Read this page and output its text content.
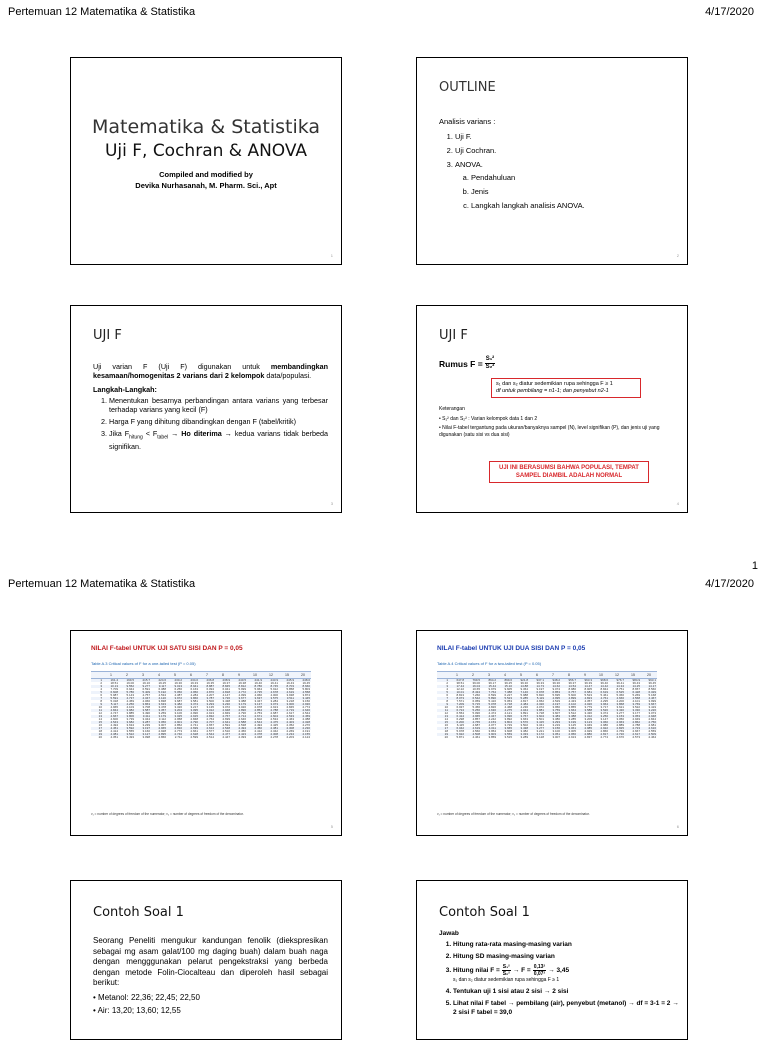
Pertemuan 12 Matematika & Statistika	4/17/2020
Matematika & Statistika
Uji F, Cochran & ANOVA
Compiled and modified by
Devika Nurhasanah, M. Pharm. Sci., Apt
1
OUTLINE
Analisis varians :
1. Uji F.
2. Uji Cochran.
3. ANOVA.
a. Pendahuluan
b. Jenis
c. Langkah langkah analisis ANOVA.
2
UJI F
Uji varian F (Uji F) digunakan untuk membandingkan kesamaan/homogenitas 2 varians dari 2 kelompok data/populasi.
Langkah-Langkah:
1. Menentukan besarnya perbandingan antara varians yang terbesar terhadap varians yang kecil (F)
2. Harga F yang dihitung dibandingkan dengan F (tabel/kritik)
3. Jika $F_{hitung} < F_{tabel} \to Ho$ diterima → kedua varians tidak berbeda signifikan.
3
UJI F
Rumus $F = \frac{\text{S₁²}}{\text{S₂²}}$
s₁ dan s₂ diatur sedemikian rupa sehingga F ≥ 1
df untuk pembilang = n1-1; dan penyebut n2-1
Keterangan
• S₁² dan S₂² : Varian kelompok data 1 dan 2
• Nilai F-tabel tergantung pada ukuran/banyaknya sampel (N), level signifikan (P), dan jenis uji yang digunakan (satu sisi vs dua sisi)
UJI INI BERASUMSI BAHWA POPULASI, TEMPAT SAMPEL DIAMBIL ADALAH NORMAL
4
1
Pertemuan 12 Matematika & Statistika	4/17/2020
NILAI F-tabel UNTUK UJI SATU SISI DAN P = 0,05
Table A.3 Critical values of F for a one-tailed test (P = 0.05)
	1	2	3	4	5	6	7	8	9	10	12	15	20
1	161.4	199.5	215.7	224.6	230.2	234.0	236.8	238.9	240.5	241.9	243.9	245.9	248.0
2	18.51	19.00	19.16	19.25	19.30	19.33	19.35	19.37	19.38	19.40	19.41	19.43	19.45
3	10.13	9.552	9.277	9.117	9.013	8.941	8.887	8.845	8.812	8.786	8.745	8.703	8.660
4	7.709	6.944	6.591	6.388	6.256	6.163	6.094	6.041	5.999	5.964	5.912	5.858	5.803
5	6.608	5.786	5.409	5.192	5.050	4.950	4.876	4.818	4.772	4.735	4.678	4.619	4.558
6	5.987	5.143	4.757	4.534	4.387	4.284	4.207	4.147	4.099	4.060	4.000	3.938	3.874
7	5.591	4.737	4.347	4.120	3.972	3.866	3.787	3.726	3.677	3.637	3.575	3.511	3.445
8	5.318	4.459	4.066	3.838	3.687	3.581	3.500	3.438	3.388	3.347	3.284	3.218	3.150
9	5.117	4.256	3.863	3.633	3.482	3.374	3.293	3.230	3.179	3.137	3.073	3.006	2.936
10	4.965	4.103	3.708	3.478	3.326	3.217	3.135	3.072	3.020	2.978	2.913	2.845	2.774
11	4.844	3.982	3.587	3.357	3.204	3.095	3.012	2.948	2.896	2.854	2.788	2.719	2.646
12	4.747	3.885	3.490	3.259	3.106	2.996	2.913	2.849	2.796	2.753	2.687	2.617	2.544
13	4.667	3.806	3.411	3.179	3.025	2.915	2.832	2.767	2.714	2.671	2.604	2.533	2.459
14	4.600	3.739	3.344	3.112	2.958	2.848	2.764	2.699	2.646	2.602	2.534	2.463	2.388
15	4.543	3.682	3.287	3.056	2.901	2.790	2.707	2.641	2.588	2.544	2.475	2.403	2.328
16	4.494	3.634	3.239	3.007	2.852	2.741	2.657	2.591	2.538	2.494	2.425	2.352	2.276
17	4.451	3.592	3.197	2.965	2.810	2.699	2.614	2.548	2.494	2.450	2.381	2.308	2.230
18	4.414	3.555	3.160	2.928	2.773	2.661	2.577	2.510	2.456	2.412	2.342	2.269	2.191
19	4.381	3.522	3.127	2.895	2.740	2.628	2.544	2.477	2.423	2.378	2.308	2.234	2.155
20	4.351	3.493	3.098	2.866	2.711	2.599	2.514	2.447	2.393	2.348	2.278	2.203	2.124
ν₁ = number of degrees of freedom of the numerator; ν₂ = number of degrees of freedom of the denominator.
5
NILAI F-tabel UNTUK UJI DUA SISI DAN P = 0,05
Table A.4 Critical values of F for a two-tailed test (P = 0.05)
	1	2	3	4	5	6	7	8	9	10	12	15	20
1	647.8	799.5	864.2	899.6	921.8	937.1	948.2	956.7	963.3	968.6	976.7	984.9	993.1
2	38.51	39.00	39.17	39.25	39.30	39.33	39.36	39.37	39.39	39.40	39.41	39.43	39.45
3	17.44	16.04	15.44	15.10	14.88	14.73	14.62	14.54	14.47	14.42	14.34	14.25	14.17
4	12.22	10.65	9.979	9.605	9.364	9.197	9.074	8.980	8.905	8.844	8.751	8.657	8.560
5	10.01	8.434	7.764	7.388	7.146	6.978	6.853	6.757	6.681	6.619	6.525	6.428	6.329
6	8.813	7.260	6.599	6.227	5.988	5.820	5.695	5.600	5.523	5.461	5.366	5.269	5.168
7	8.073	6.542	5.890	5.523	5.285	5.119	4.995	4.899	4.823	4.761	4.666	4.568	4.467
8	7.571	6.059	5.416	5.053	4.817	4.652	4.529	4.433	4.357	4.295	4.200	4.101	3.999
9	7.209	5.715	5.078	4.718	4.484	4.320	4.197	4.102	4.026	3.964	3.868	3.769	3.667
10	6.937	5.456	4.826	4.468	4.236	4.072	3.950	3.855	3.779	3.717	3.621	3.522	3.419
11	6.724	5.256	4.630	4.275	4.044	3.881	3.759	3.664	3.588	3.526	3.430	3.330	3.226
12	6.554	5.096	4.474	4.121	3.891	3.728	3.607	3.512	3.436	3.374	3.277	3.177	3.073
13	6.414	4.965	4.347	3.996	3.767	3.604	3.483	3.388	3.312	3.250	3.153	3.053	2.948
14	6.298	4.857	4.242	3.892	3.663	3.501	3.380	3.285	3.209	3.147	3.050	2.949	2.844
15	6.200	4.765	4.153	3.804	3.576	3.415	3.293	3.199	3.123	3.060	2.963	2.862	2.756
16	6.115	4.687	4.077	3.729	3.502	3.341	3.219	3.125	3.049	2.986	2.889	2.788	2.681
17	6.042	4.619	4.011	3.665	3.438	3.277	3.156	3.061	2.985	2.922	2.825	2.723	2.616
18	5.978	4.560	3.954	3.608	3.382	3.221	3.100	3.005	2.929	2.866	2.769	2.667	2.559
19	5.922	4.508	3.903	3.559	3.333	3.172	3.051	2.956	2.880	2.817	2.720	2.617	2.509
20	5.871	4.461	3.859	3.515	3.289	3.128	3.007	2.913	2.837	2.774	2.676	2.573	2.464
ν₁ = number of degrees of freedom of the numerator; ν₂ = number of degrees of freedom of the denominator.
6
Contoh Soal 1
Seorang Peneliti mengukur kandungan fenolik (diekspresikan sebagai mg asam galat/100 mg daging buah) dalam buah naga dengan mengggunakan pelarut pengekstraksi yang berbeda dengan metode Folin-Ciocalteau dan diperoleh hasil sebagai berikut:
• Metanol: 22,36; 22,45; 22,50
• Air: 13,20; 13,60; 12,55
Contoh Soal 1
Jawab
1. Hitung rata-rata masing-masing varian
2. Hitung SD masing-masing varian
3. Hitung nilai $F = \frac{\text{S₁²}}{\text{S₂²}} \to F = \frac{\text{0,13²}}{\text{0,07²}} \to 3,45$
s₁ dan s₂ diatur sedemikian rupa sehingga F ≥ 1
4. Tentukan uji 1 sisi atau 2 sisi → 2 sisi
5. Lihat nilai F tabel → pembilang (air), penyebut (metanol) → df = 3-1 = 2 → 2 sisi F tabel = 39,0
